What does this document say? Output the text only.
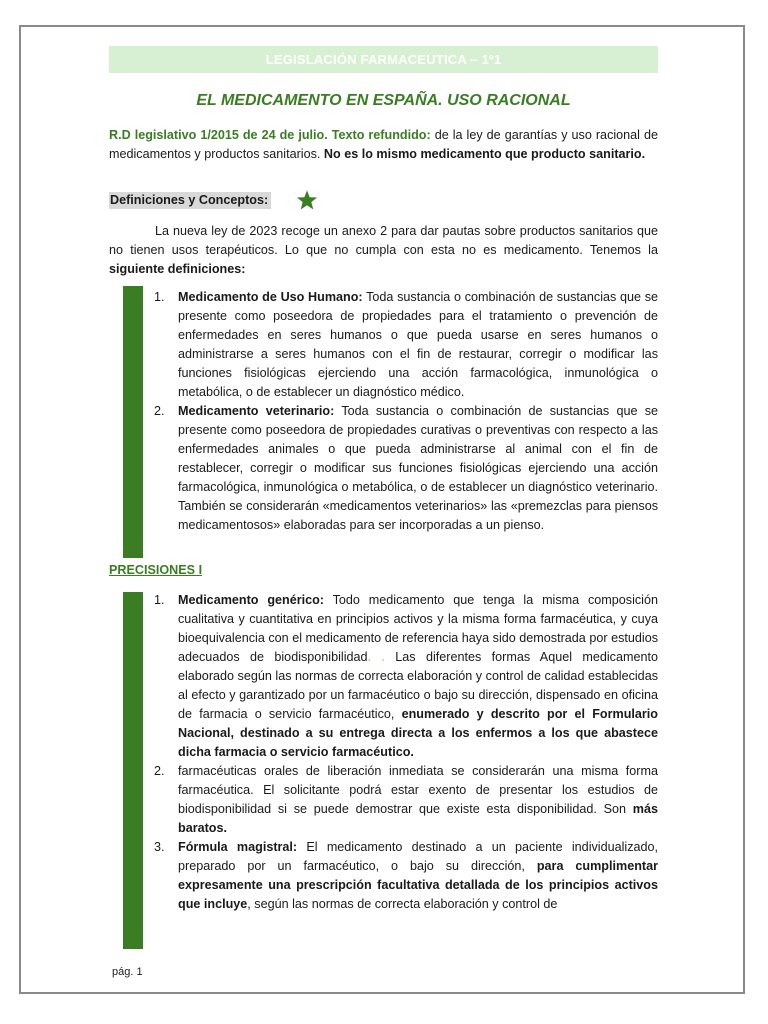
LEGISLACIÓN FARMACEUTICA – 1º1
EL MEDICAMENTO EN ESPAÑA. USO RACIONAL

R.D legislativo 1/2015 de 24 de julio. Texto refundido: de la ley de garantías y uso racional de medicamentos y productos sanitarios. No es lo mismo medicamento que producto sanitario.

Definiciones y Conceptos:

La nueva ley de 2023 recoge un anexo 2 para dar pautas sobre productos sanitarios que no tienen usos terapéuticos. Lo que no cumpla con esta no es medicamento. Tenemos la siguiente definiciones:

1. Medicamento de Uso Humano: Toda sustancia o combinación de sustancias que se presente como poseedora de propiedades para el tratamiento o prevención de enfermedades en seres humanos o que pueda usarse en seres humanos o administrarse a seres humanos con el fin de restaurar, corregir o modificar las funciones fisiológicas ejerciendo una acción farmacológica, inmunológica o metabólica, o de establecer un diagnóstico médico.
2. Medicamento veterinario: Toda sustancia o combinación de sustancias que se presente como poseedora de propiedades curativas o preventivas con respecto a las enfermedades animales o que pueda administrarse al animal con el fin de restablecer, corregir o modificar sus funciones fisiológicas ejerciendo una acción farmacológica, inmunológica o metabólica, o de establecer un diagnóstico veterinario. También se considerarán «medicamentos veterinarios» las «premezclas para piensos medicamentosos» elaboradas para ser incorporadas a un pienso.
PRECISIONES I
1. Medicamento genérico: Todo medicamento que tenga la misma composición cualitativa y cuantitativa en principios activos y la misma forma farmacéutica, y cuya bioequivalencia con el medicamento de referencia haya sido demostrada por estudios adecuados de biodisponibilidad. . Las diferentes formas Aquel medicamento elaborado según las normas de correcta elaboración y control de calidad establecidas al efecto y garantizado por un farmacéutico o bajo su dirección, dispensado en oficina de farmacia o servicio farmacéutico, enumerado y descrito por el Formulario Nacional, destinado a su entrega directa a los enfermos a los que abastece dicha farmacia o servicio farmacéutico.
2. farmacéuticas orales de liberación inmediata se considerarán una misma forma farmacéutica. El solicitante podrá estar exento de presentar los estudios de biodisponibilidad si se puede demostrar que existe esta disponibilidad. Son más baratos.
3. Fórmula magistral: El medicamento destinado a un paciente individualizado, preparado por un farmacéutico, o bajo su dirección, para cumplimentar expresamente una prescripción facultativa detallada de los principios activos que incluye, según las normas de correcta elaboración y control de
pág. 1
